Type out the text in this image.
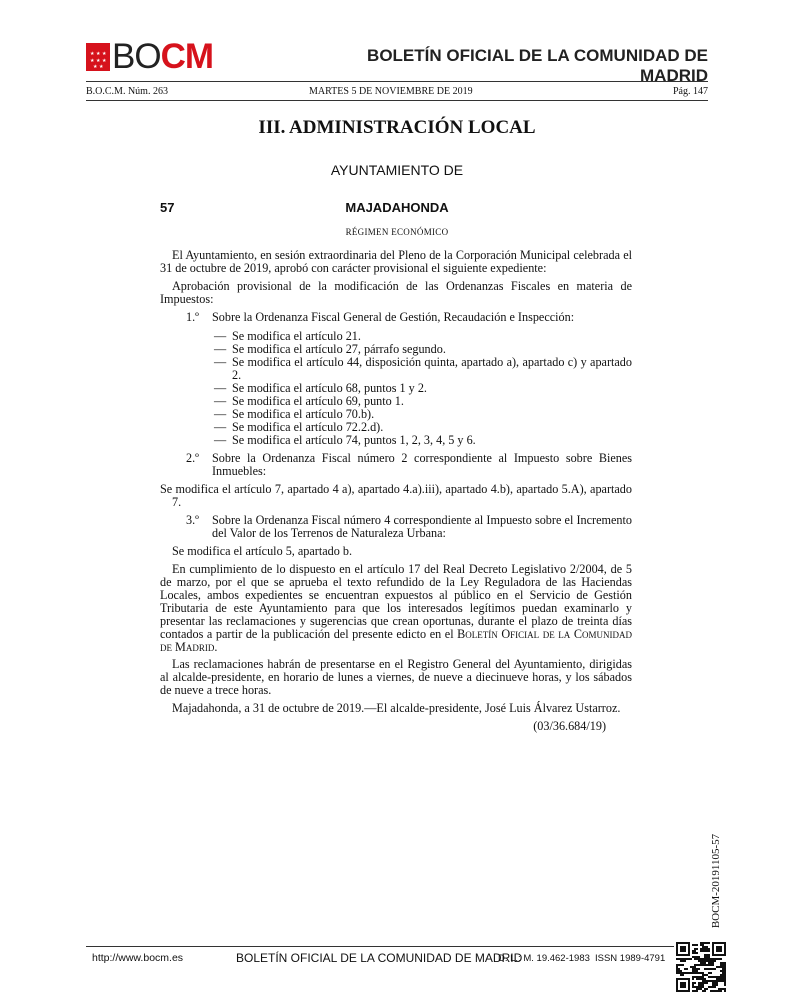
★ ★ ★
★ ★ ★
★ ★ BOCM	BOLETÍN OFICIAL DE LA COMUNIDAD DE MADRID
B.O.C.M. Núm. 263	MARTES 5 DE NOVIEMBRE DE 2019	Pág. 147
III. ADMINISTRACIÓN LOCAL
AYUNTAMIENTO DE
57	MAJADAHONDA
RÉGIMEN ECONÓMICO

El Ayuntamiento, en sesión extraordinaria del Pleno de la Corporación Municipal celebrada el 31 de octubre de 2019, aprobó con carácter provisional el siguiente expediente:

Aprobación provisional de la modificación de las Ordenanzas Fiscales en materia de Impuestos:

1.º	Sobre la Ordenanza Fiscal General de Gestión, Recaudación e Inspección:
— Se modifica el artículo 21.
— Se modifica el artículo 27, párrafo segundo.
— Se modifica el artículo 44, disposición quinta, apartado a), apartado c) y apartado 2.
— Se modifica el artículo 68, puntos 1 y 2.
— Se modifica el artículo 69, punto 1.
— Se modifica el artículo 70.b).
— Se modifica el artículo 72.2.d).
— Se modifica el artículo 74, puntos 1, 2, 3, 4, 5 y 6.
2.º	Sobre la Ordenanza Fiscal número 2 correspondiente al Impuesto sobre Bienes Inmuebles:

Se modifica el artículo 7, apartado 4 a), apartado 4.a).iii), apartado 4.b), apartado 5.A), apartado 7.

3.º	Sobre la Ordenanza Fiscal número 4 correspondiente al Impuesto sobre el Incremento del Valor de los Terrenos de Naturaleza Urbana:

Se modifica el artículo 5, apartado b.

En cumplimiento de lo dispuesto en el artículo 17 del Real Decreto Legislativo 2/2004, de 5 de marzo, por el que se aprueba el texto refundido de la Ley Reguladora de las Haciendas Locales, ambos expedientes se encuentran expuestos al público en el Servicio de Gestión Tributaria de este Ayuntamiento para que los interesados legítimos puedan examinarlo y presentar las reclamaciones y sugerencias que crean oportunas, durante el plazo de treinta días contados a partir de la publicación del presente edicto en el Boletín Oficial de la Comunidad de Madrid.

Las reclamaciones habrán de presentarse en el Registro General del Ayuntamiento, dirigidas al alcalde-presidente, en horario de lunes a viernes, de nueve a diecinueve horas, y los sábados de nueve a trece horas.

Majadahonda, a 31 de octubre de 2019.—El alcalde-presidente, José Luis Álvarez Ustarroz.

(03/36.684/19)
BOCM-20191105-57
http://www.bocm.es	BOLETÍN OFICIAL DE LA COMUNIDAD DE MADRID
D. L.: M. 19.462-1983 ISSN 1989-4791
